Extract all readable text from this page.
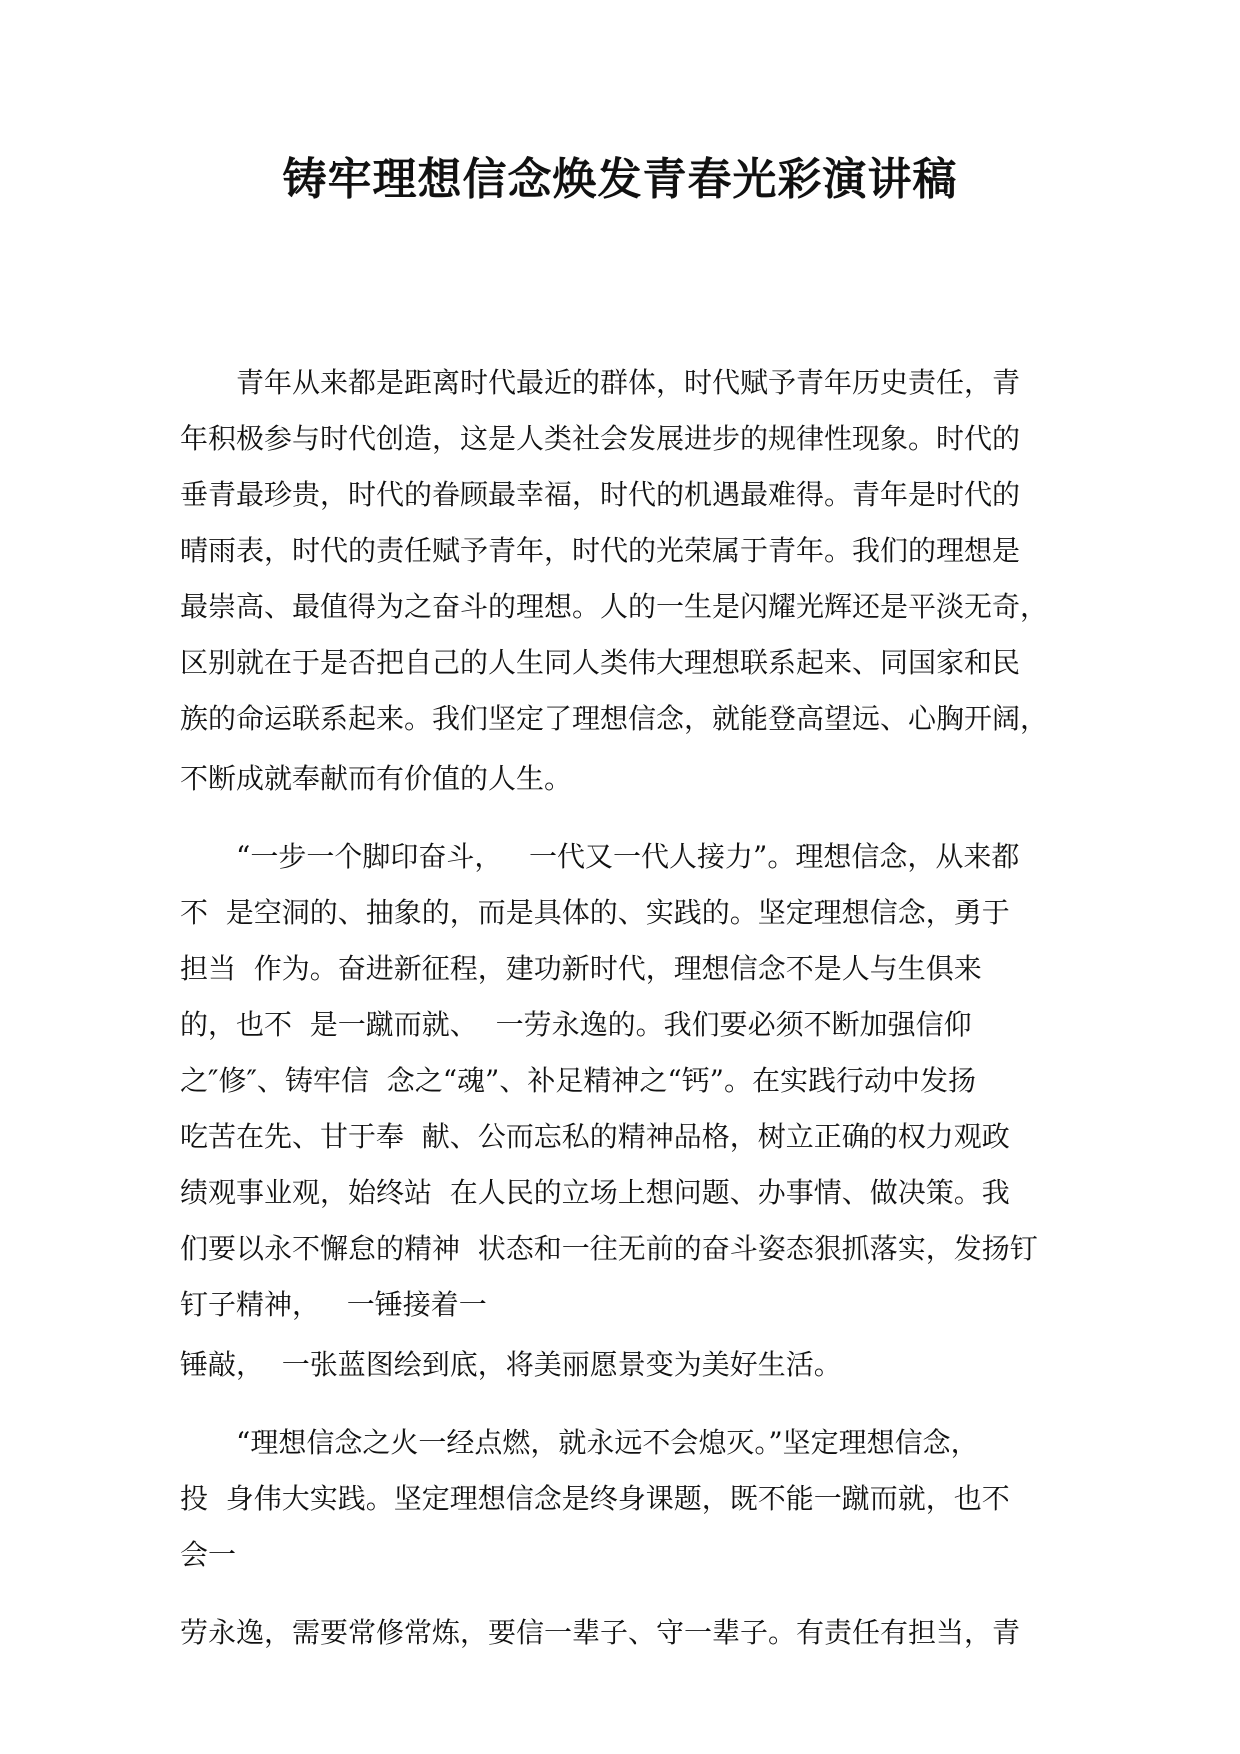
铸牢理想信念焕发青春光彩演讲稿
青年从来都是距离时代最近的群体，时代赋予青年历史责任，青
年积极参与时代创造，这是人类社会发展进步的规律性现象。时代的
垂青最珍贵，时代的眷顾最幸福，时代的机遇最难得。青年是时代的
晴雨表，时代的责任赋予青年，时代的光荣属于青年。我们的理想是
最崇高、最值得为之奋斗的理想。人的一生是闪耀光辉还是平淡无奇，
区别就在于是否把自己的人生同人类伟大理想联系起来、同国家和民
族的命运联系起来。我们坚定了理想信念，就能登高望远、心胸开阔，
不断成就奉献而有价值的人生。
“一步一个脚印奋斗，   一代又一代人接力”。理想信念，从来都
不  是空洞的、抽象的，而是具体的、实践的。坚定理想信念，勇于
担当  作为。奋进新征程，建功新时代，理想信念不是人与生俱来
的，也不  是一蹴而就、  一劳永逸的。我们要必须不断加强信仰
之″修″、铸牢信  念之“魂”、补足精神之“钙”。在实践行动中发扬
吃苦在先、甘于奉  献、公而忘私的精神品格，树立正确的权力观政
绩观事业观，始终站  在人民的立场上想问题、办事情、做决策。我
们要以永不懈怠的精神  状态和一往无前的奋斗姿态狠抓落实，发扬钉
钉子精神，   一锤接着一
锤敲，  一张蓝图绘到底，将美丽愿景变为美好生活。
“理想信念之火一经点燃，就永远不会熄灭。”坚定理想信念，
投  身伟大实践。坚定理想信念是终身课题，既不能一蹴而就，也不
会一
劳永逸，需要常修常炼，要信一辈子、守一辈子。有责任有担当，青
